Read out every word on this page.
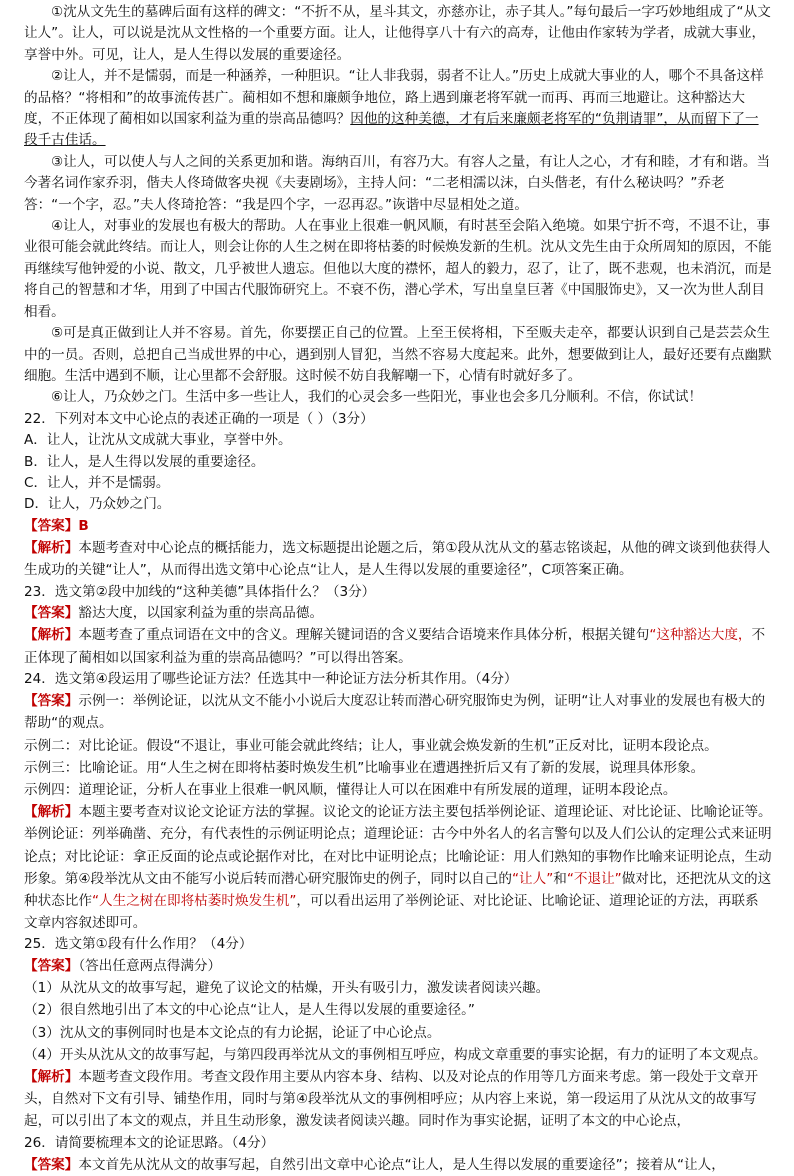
①沈从文先生的墓碑后面有这样的碑文：“不折不从，星斗其文，亦慈亦让，赤子其人。”每句最后一字巧妙地组成了“从文让人”。让人，可以说是沈从文性格的一个重要方面。让人，让他得享八十有六的高寿，让他由作家转为学者，成就大事业，享誉中外。可见，让人，是人生得以发展的重要途径。

②让人，并不是懦弱，而是一种涵养，一种胆识。“让人非我弱，弱者不让人。”历史上成就大事业的人，哪个不具备这样的品格？“将相和”的故事流传甚广。蔺相如不想和廉颇争地位，路上遇到廉老将军就一而再、再而三地避让。这种豁达大度，不正体现了蔺相如以国家利益为重的崇高品德吗？因他的这种美德，才有后来廉颇老将军的“负荆请罪”，从而留下了一段千古佳话。

③让人，可以使人与人之间的关系更加和谐。海纳百川，有容乃大。有容人之量，有让人之心，才有和睦，才有和谐。当今著名词作家乔羽，偕夫人佟琦做客央视《夫妻剧场》，主持人问：“二老相濡以沫，白头偕老，有什么秘诀吗？”乔老答：“一个字，忍。”夫人佟琦抢答：“我是四个字，一忍再忍。”诙谐中尽显相处之道。

④让人，对事业的发展也有极大的帮助。人在事业上很难一帆风顺，有时甚至会陷入绝境。如果宁折不弯，不退不让，事业很可能会就此终结。而让人，则会让你的人生之树在即将枯萎的时候焕发新的生机。沈从文先生由于众所周知的原因，不能再继续写他钟爱的小说、散文，几乎被世人遗忘。但他以大度的襟怀，超人的毅力，忍了，让了，既不悲观，也未消沉，而是将自己的智慧和才华，用到了中国古代服饰研究上。不衰不伤，潜心学术，写出皇皇巨著《中国服饰史》，又一次为世人刮目相看。

⑤可是真正做到让人并不容易。首先，你要摆正自己的位置。上至王侯将相，下至贩夫走卒，都要认识到自己是芸芸众生中的一员。否则，总把自己当成世界的中心，遇到别人冒犯，当然不容易大度起来。此外，想要做到让人，最好还要有点幽默细胞。生活中遇到不顺，让心里都不会舒服。这时候不妨自我解嘲一下，心情有时就好多了。

⑥让人，乃众妙之门。生活中多一些让人，我们的心灵会多一些阳光，事业也会多几分顺利。不信，你试试！

22．下列对本文中心论点的表述正确的一项是（ ）（3分）

A．让人，让沈从文成就大事业，享誉中外。

B．让人，是人生得以发展的重要途径。

C．让人，并不是懦弱。

D．让人，乃众妙之门。

【答案】B

【解析】本题考查对中心论点的概括能力，选文标题提出论题之后，第①段从沈从文的墓志铭谈起，从他的碑文谈到他获得人生成功的关键“让人”，从而得出选文第中心论点“让人，是人生得以发展的重要途径”，C项答案正确。

23．选文第②段中加线的“这种美德”具体指什么？（3分）

【答案】豁达大度，以国家利益为重的崇高品德。

【解析】本题考查了重点词语在文中的含义。理解关键词语的含义要结合语境来作具体分析，根据关键句“这种豁达大度，不正体现了蔺相如以国家利益为重的崇高品德吗？”可以得出答案。

24．选文第④段运用了哪些论证方法？任选其中一种论证方法分析其作用。（4分）

【答案】示例一：举例论证，以沈从文不能小小说后大度忍让转而潜心研究服饰史为例，证明“让人对事业的发展也有极大的帮助“的观点。

示例二：对比论证。假设“不退让，事业可能会就此终结；让人，事业就会焕发新的生机”正反对比，证明本段论点。

示例三：比喻论证。用“人生之树在即将枯萎时焕发生机”比喻事业在遭遇挫折后又有了新的发展，说理具体形象。

示例四：道理论证，分析人在事业上很难一帆风顺，懂得让人可以在困难中有所发展的道理，证明本段论点。

【解析】本题主要考查对议论文论证方法的掌握。议论文的论证方法主要包括举例论证、道理论证、对比论证、比喻论证等。举例论证：列举确凿、充分，有代表性的示例证明论点；道理论证：古今中外名人的名言警句以及人们公认的定理公式来证明论点；对比论证：拿正反面的论点或论据作对比，在对比中证明论点；比喻论证：用人们熟知的事物作比喻来证明论点，生动形象。第④段举沈从文由不能写小说后转而潜心研究服饰史的例子，同时以自己的“让人”和“不退让”做对比，还把沈从文的这种状态比作“人生之树在即将枯萎时焕发生机”，可以看出运用了举例论证、对比论证、比喻论证、道理论证的方法，再联系文章内容叙述即可。

25．选文第①段有什么作用？（4分）

【答案】（答出任意两点得满分）

（1）从沈从文的故事写起，避免了议论文的枯燥，开头有吸引力，激发读者阅读兴趣。

（2）很自然地引出了本文的中心论点“让人，是人生得以发展的重要途径。”

（3）沈从文的事例同时也是本文论点的有力论据，论证了中心论点。

（4）开头从沈从文的故事写起，与第四段再举沈从文的事例相互呼应，构成文章重要的事实论据，有力的证明了本文观点。

【解析】本题考查文段作用。考查文段作用主要从内容本身、结构、以及对论点的作用等几方面来考虑。第一段处于文章开头，自然对下文有引导、铺垫作用，同时与第④段举沈从文的事例相呼应；从内容上来说，第一段运用了从沈从文的故事写起，可以引出了本文的观点，并且生动形象，激发读者阅读兴趣。同时作为事实论据，证明了本文的中心论点，

26．请简要梳理本文的论证思路。（4分）

【答案】本文首先从沈从文的故事写起，自然引出文章中心论点“让人，是人生得以发展的重要途径”；接着从“让人，
